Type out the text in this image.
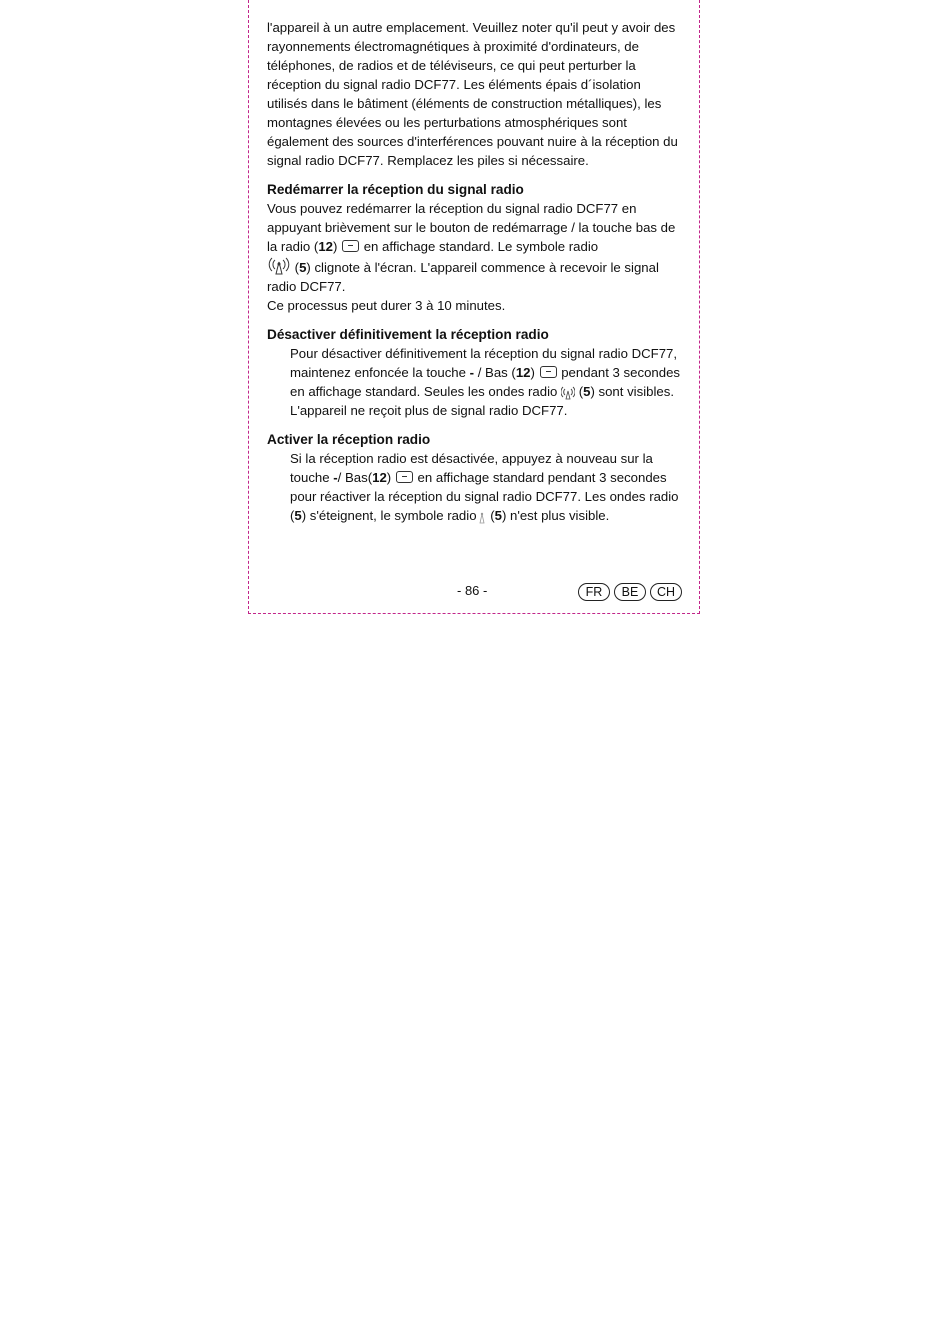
l'appareil à un autre emplacement. Veuillez noter qu'il peut y avoir des rayonnements électromagnétiques à proximité d'ordinateurs, de téléphones, de radios et de téléviseurs, ce qui peut perturber la réception du signal radio DCF77. Les éléments épais d´isolation utilisés dans le bâtiment (éléments de construction métalliques), les montagnes élevées ou les perturbations atmosphériques sont également des sources d'interférences pouvant nuire à la réception du signal radio DCF77. Remplacez les piles si nécessaire.

Redémarrer la réception du signal radio

Vous pouvez redémarrer la réception du signal radio DCF77 en appuyant brièvement sur le bouton de redémarrage / la touche bas de la radio (12)  en affichage standard. Le symbole radio
(5) clignote à l'écran. L'appareil commence à recevoir le signal radio DCF77.

Ce processus peut durer 3 à 10 minutes.

Désactiver définitivement la réception radio

Pour désactiver définitivement la réception du signal radio DCF77, maintenez enfoncée la touche - / Bas (12)  pendant 3 secondes en affichage standard. Seules les ondes radio  (5) sont visibles. L'appareil ne reçoit plus de signal radio DCF77.

Activer la réception radio

Si la réception radio est désactivée, appuyez à nouveau sur la touche -/ Bas(12)  en affichage standard pendant 3 secondes pour réactiver la réception du signal radio DCF77. Les ondes radio (5) s'éteignent, le symbole radio (5) n'est plus visible.

- 86 -	FR	BE	CH
